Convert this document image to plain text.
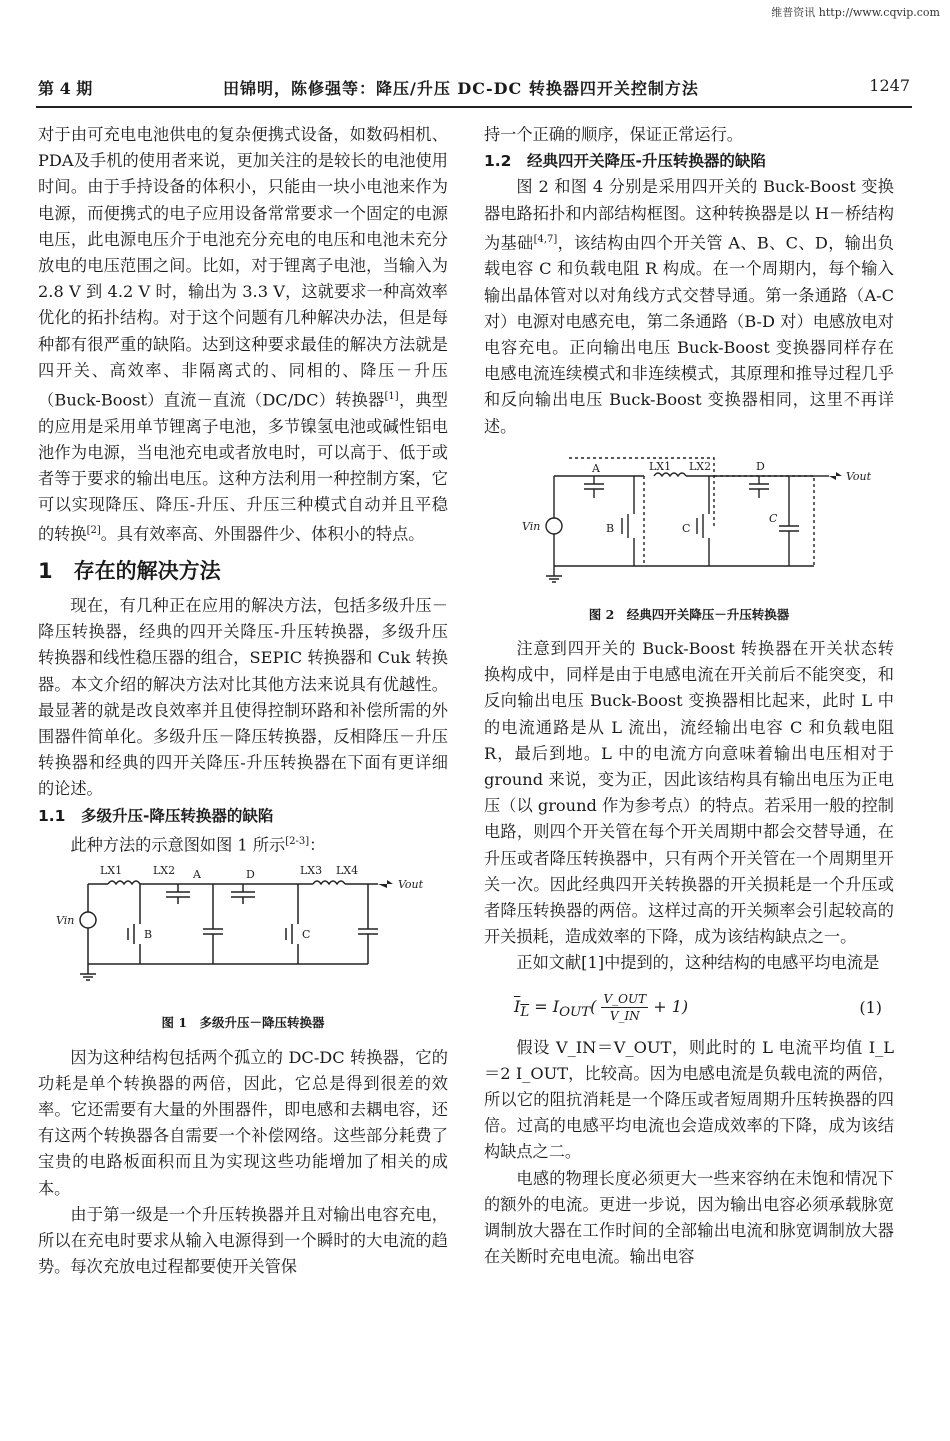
维普资讯 http://www.cqvip.com
第 4 期	田锦明，陈修强等：降压/升压 DC-DC 转换器四开关控制方法	1247

对于由可充电电池供电的复杂便携式设备，如数码相机、PDA及手机的使用者来说，更加关注的是较长的电池使用时间。由于手持设备的体积小，只能由一块小电池来作为电源，而便携式的电子应用设备常常要求一个固定的电源电压，此电源电压介于电池充分充电的电压和电池未充分放电的电压范围之间。比如，对于锂离子电池，当输入为 2.8 V 到 4.2 V 时，输出为 3.3 V，这就要求一种高效率优化的拓扑结构。对于这个问题有几种解决办法，但是每种都有很严重的缺陷。达到这种要求最佳的解决方法就是四开关、高效率、非隔离式的、同相的、降压－升压（Buck-Boost）直流－直流（DC/DC）转换器[1]，典型的应用是采用单节锂离子电池，多节镍氢电池或碱性铝电池作为电源，当电池充电或者放电时，可以高于、低于或者等于要求的输出电压。这种方法利用一种控制方案，它可以实现降压、降压-升压、升压三种模式自动并且平稳的转换[2]。具有效率高、外围器件少、体积小的特点。

1　存在的解决方法

现在，有几种正在应用的解决方法，包括多级升压－降压转换器，经典的四开关降压-升压转换器，多级升压转换器和线性稳压器的组合，SEPIC 转换器和 Cuk 转换器。本文介绍的解决方法对比其他方法来说具有优越性。最显著的就是改良效率并且使得控制环路和补偿所需的外围器件简单化。多级升压－降压转换器，反相降压－升压转换器和经典的四开关降压-升压转换器在下面有更详细的论述。

1.1　多级升压-降压转换器的缺陷

此种方法的示意图如图 1 所示[2-3]：

LX1	LX2 A	D	LX3 LX4
Vout
Vin
B	C
图 1　多级升压－降压转换器

因为这种结构包括两个孤立的 DC-DC 转换器，它的功耗是单个转换器的两倍，因此，它总是得到很差的效率。它还需要有大量的外围器件，即电感和去耦电容，还有这两个转换器各自需要一个补偿网络。这些部分耗费了宝贵的电路板面积而且为实现这些功能增加了相关的成本。

由于第一级是一个升压转换器并且对输出电容充电，所以在充电时要求从输入电源得到一个瞬时的大电流的趋势。每次充放电过程都要使开关管保

持一个正确的顺序，保证正常运行。

1.2　经典四开关降压-升压转换器的缺陷

图 2 和图 4 分别是采用四开关的 Buck-Boost 变换器电路拓扑和内部结构框图。这种转换器是以 H－桥结构为基础[4,7]，该结构由四个开关管 A、B、C、D，输出负载电容 C 和负载电阻 R 构成。在一个周期内，每个输入输出晶体管对以对角线方式交替导通。第一条通路（A-C 对）电源对电感充电，第二条通路（B-D 对）电感放电对电容充电。正向输出电压 Buck-Boost 变换器同样存在电感电流连续模式和非连续模式，其原理和推导过程几乎和反向输出电压 Buck-Boost 变换器相同，这里不再详述。

A	LX1 LX2	D
Vout
Vin	B	C
C
图 2　经典四开关降压－升压转换器

注意到四开关的 Buck-Boost 转换器在开关状态转换构成中，同样是由于电感电流在开关前后不能突变，和反向输出电压 Buck-Boost 变换器相比起来，此时 L 中的电流通路是从 L 流出，流经输出电容 C 和负载电阻 R，最后到地。L 中的电流方向意味着输出电压相对于 ground 来说，变为正，因此该结构具有输出电压为正电压（以 ground 作为参考点）的特点。若采用一般的控制电路，则四个开关管在每个开关周期中都会交替导通，在升压或者降压转换器中，只有两个开关管在一个周期里开关一次。因此经典四开关转换器的开关损耗是一个升压或者降压转换器的两倍。这样过高的开关频率会引起较高的开关损耗，造成效率的下降，成为该结构缺点之一。

正如文献[1]中提到的，这种结构的电感平均电流是

$I_L = I_{OUT}( \frac{\text{V\_OUT}}{V\_IN} + 1)$	(1)

假设 V_IN＝V_OUT，则此时的 L 电流平均值 I_L＝2 I_OUT，比较高。因为电感电流是负载电流的两倍，所以它的阻抗消耗是一个降压或者短周期升压转换器的四倍。过高的电感平均电流也会造成效率的下降，成为该结构缺点之二。

电感的物理长度必须更大一些来容纳在未饱和情况下的额外的电流。更进一步说，因为输出电容必须承载脉宽调制放大器在工作时间的全部输出电流和脉宽调制放大器在关断时充电电流。输出电容
